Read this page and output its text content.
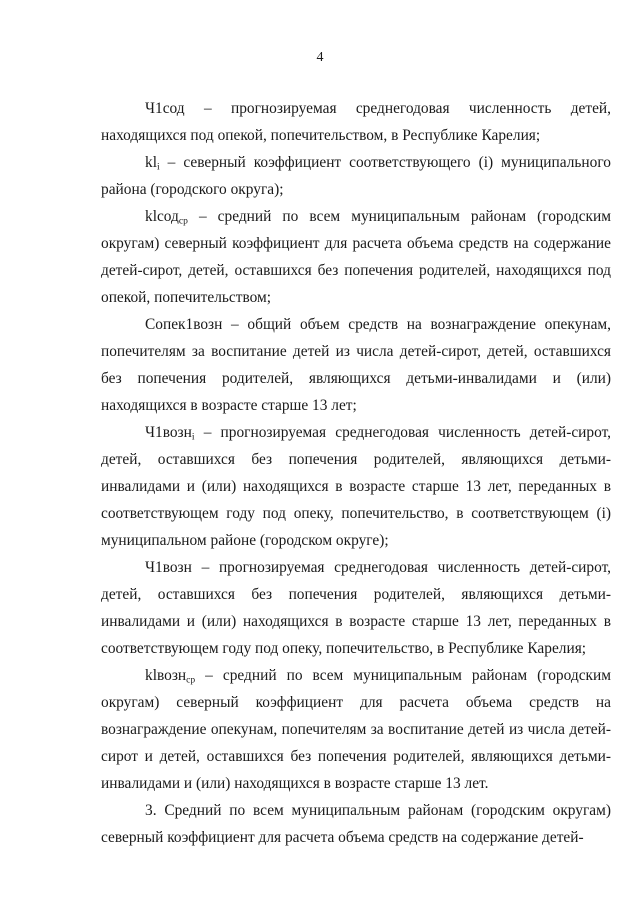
4

Ч1сод – прогнозируемая среднегодовая численность детей, находящихся под опекой, попечительством, в Республике Карелия;

$kl_i$ – северный коэффициент соответствующего (i) муниципального района (городского округа);

klсод$_{ср}$ – средний по всем муниципальным районам (городским округам) северный коэффициент для расчета объема средств на содержание детей-сирот, детей, оставшихся без попечения родителей, находящихся под опекой, попечительством;

Сопек1возн – общий объем средств на вознаграждение опекунам, попечителям за воспитание детей из числа детей-сирот, детей, оставшихся без попечения родителей, являющихся детьми-инвалидами и (или) находящихся в возрасте старше 13 лет;

Ч1возн$_i$ – прогнозируемая среднегодовая численность детей-сирот, детей, оставшихся без попечения родителей, являющихся детьми-инвалидами и (или) находящихся в возрасте старше 13 лет, переданных в соответствующем году под опеку, попечительство, в соответствующем (i) муниципальном районе (городском округе);

Ч1возн – прогнозируемая среднегодовая численность детей-сирот, детей, оставшихся без попечения родителей, являющихся детьми-инвалидами и (или) находящихся в возрасте старше 13 лет, переданных в соответствующем году под опеку, попечительство, в Республике Карелия;

klвозн$_{ср}$ – средний по всем муниципальным районам (городским округам) северный коэффициент для расчета объема средств на вознаграждение опекунам, попечителям за воспитание детей из числа детей-сирот и детей, оставшихся без попечения родителей, являющихся детьми-инвалидами и (или) находящихся в возрасте старше 13 лет.

3. Средний по всем муниципальным районам (городским округам) северный коэффициент для расчета объема средств на содержание детей-
